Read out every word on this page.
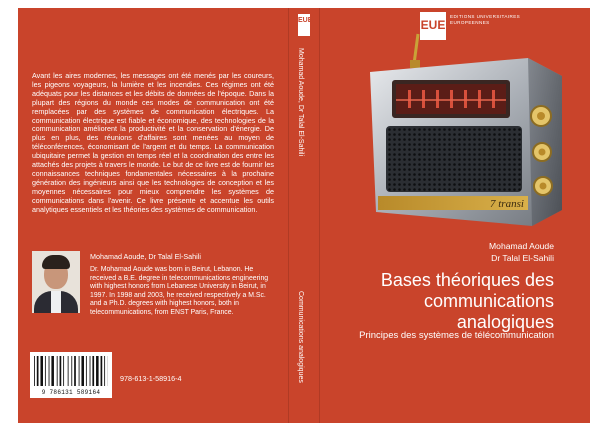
Avant les aires modernes, les messages ont été menés par les coureurs, les pigeons voyageurs, la lumière et les incendies. Ces régimes ont été adéquats pour les distances et les débits de données de l'époque. Dans la plupart des régions du monde ces modes de communication ont été remplacées par des systèmes de communication électriques. La communication électrique est fiable et économique, des technologies de la communication améliorent la productivité et la conservation d'énergie. De plus en plus, des réunions d'affaires sont menées au moyen de téléconférences, économisant de l'argent et du temps. La communication ubiquitaire permet la gestion en temps réel et la coordination des entre les attachés des projets à travers le monde. Le but de ce livre est de fournir les connaissances techniques fondamentales nécessaires à la prochaine génération des ingénieurs ainsi que les technologies de conception et les moyennes nécessaires pour mieux comprendre les systèmes de communications dans l'avenir. Ce livre présente et accentue les outils analytiques essentiels et les théories des systèmes de communication.
Mohamad Aoude, Dr Talal El-Sahili
Dr. Mohamad Aoude was born in Beirut, Lebanon. He received a B.E. degree in telecommunications engineering with highest honors from Lebanese University in Beirut, in 1997. In 1998 and 2003, he received respectively a M.Sc. and a Ph.D. degrees with highest honors, both in telecommunications, from ENST Paris, France.
9 786131 589164
978-613-1-58916-4
EUE
Mohamad Aoude, Dr Talal El-Sahili
Communications analogiques
EUE
EDITIONS UNIVERSITAIRES EUROPEENNES
7 transi
Mohamad Aoude
Dr Talal El-Sahili
Bases théoriques des communications analogiques
Principes des systèmes de télécommunication
